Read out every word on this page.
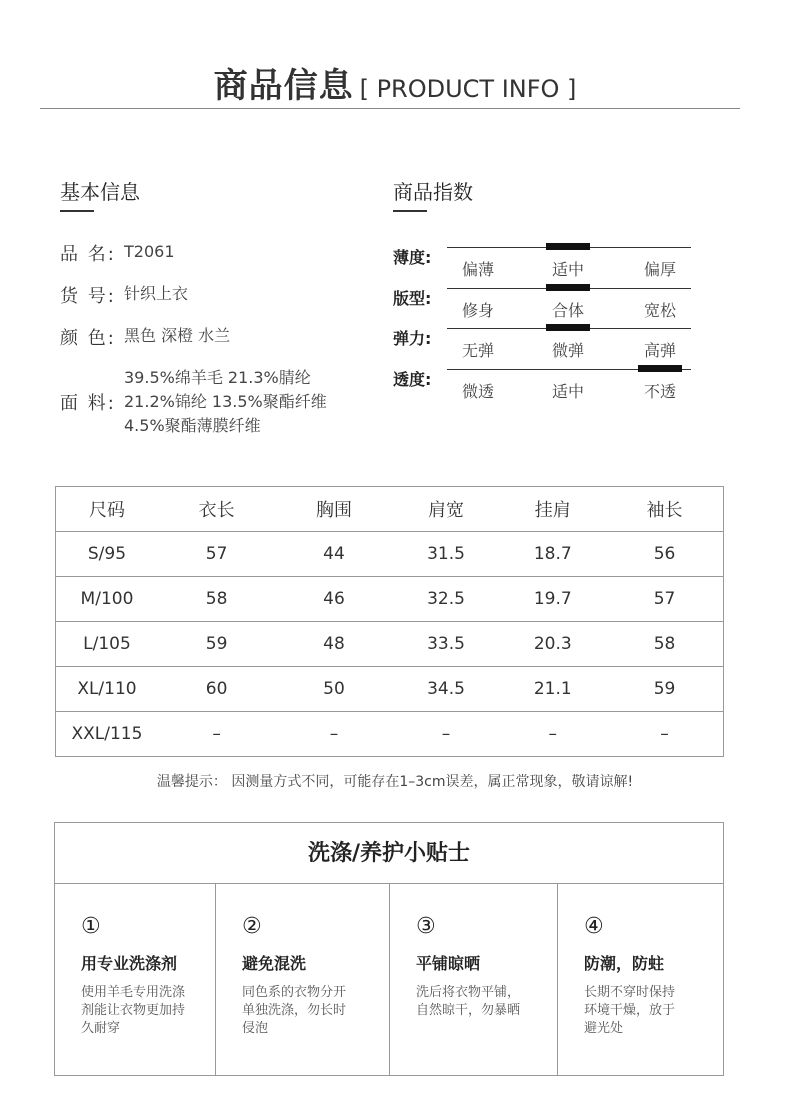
商品信息 [ PRODUCT INFO ]
基本信息
品 名: T2061
货 号: 针织上衣
颜 色: 黑色 深橙 水兰
面 料:
39.5%绵羊毛 21.3%腈纶
21.2%锦纶 13.5%聚酯纤维
4.5%聚酯薄膜纤维
商品指数
薄度:
偏薄	适中	偏厚
版型:
修身	合体	宽松
弹力:
无弹	微弹	高弹
透度:
微透	适中	不透
尺码	衣长	胸围	肩宽	挂肩	袖长
S/95	57	44	31.5	18.7	56
M/100	58	46	32.5	19.7	57
L/105	59	48	33.5	20.3	58
XL/110	60	50	34.5	21.1	59
XXL/115	–	–	–	–	–
温馨提示： 因测量方式不同，可能存在1–3cm误差，属正常现象，敬请谅解!
洗涤/养护小贴士
①
用专业洗涤剂
使用羊毛专用洗涤
剂能让衣物更加持
久耐穿
②
避免混洗
同色系的衣物分开
单独洗涤，勿长时
侵泡
③
平铺晾晒
洗后将衣物平铺，
自然晾干，勿暴晒
④
防潮，防蛀
长期不穿时保持
环境干燥，放于
避光处
